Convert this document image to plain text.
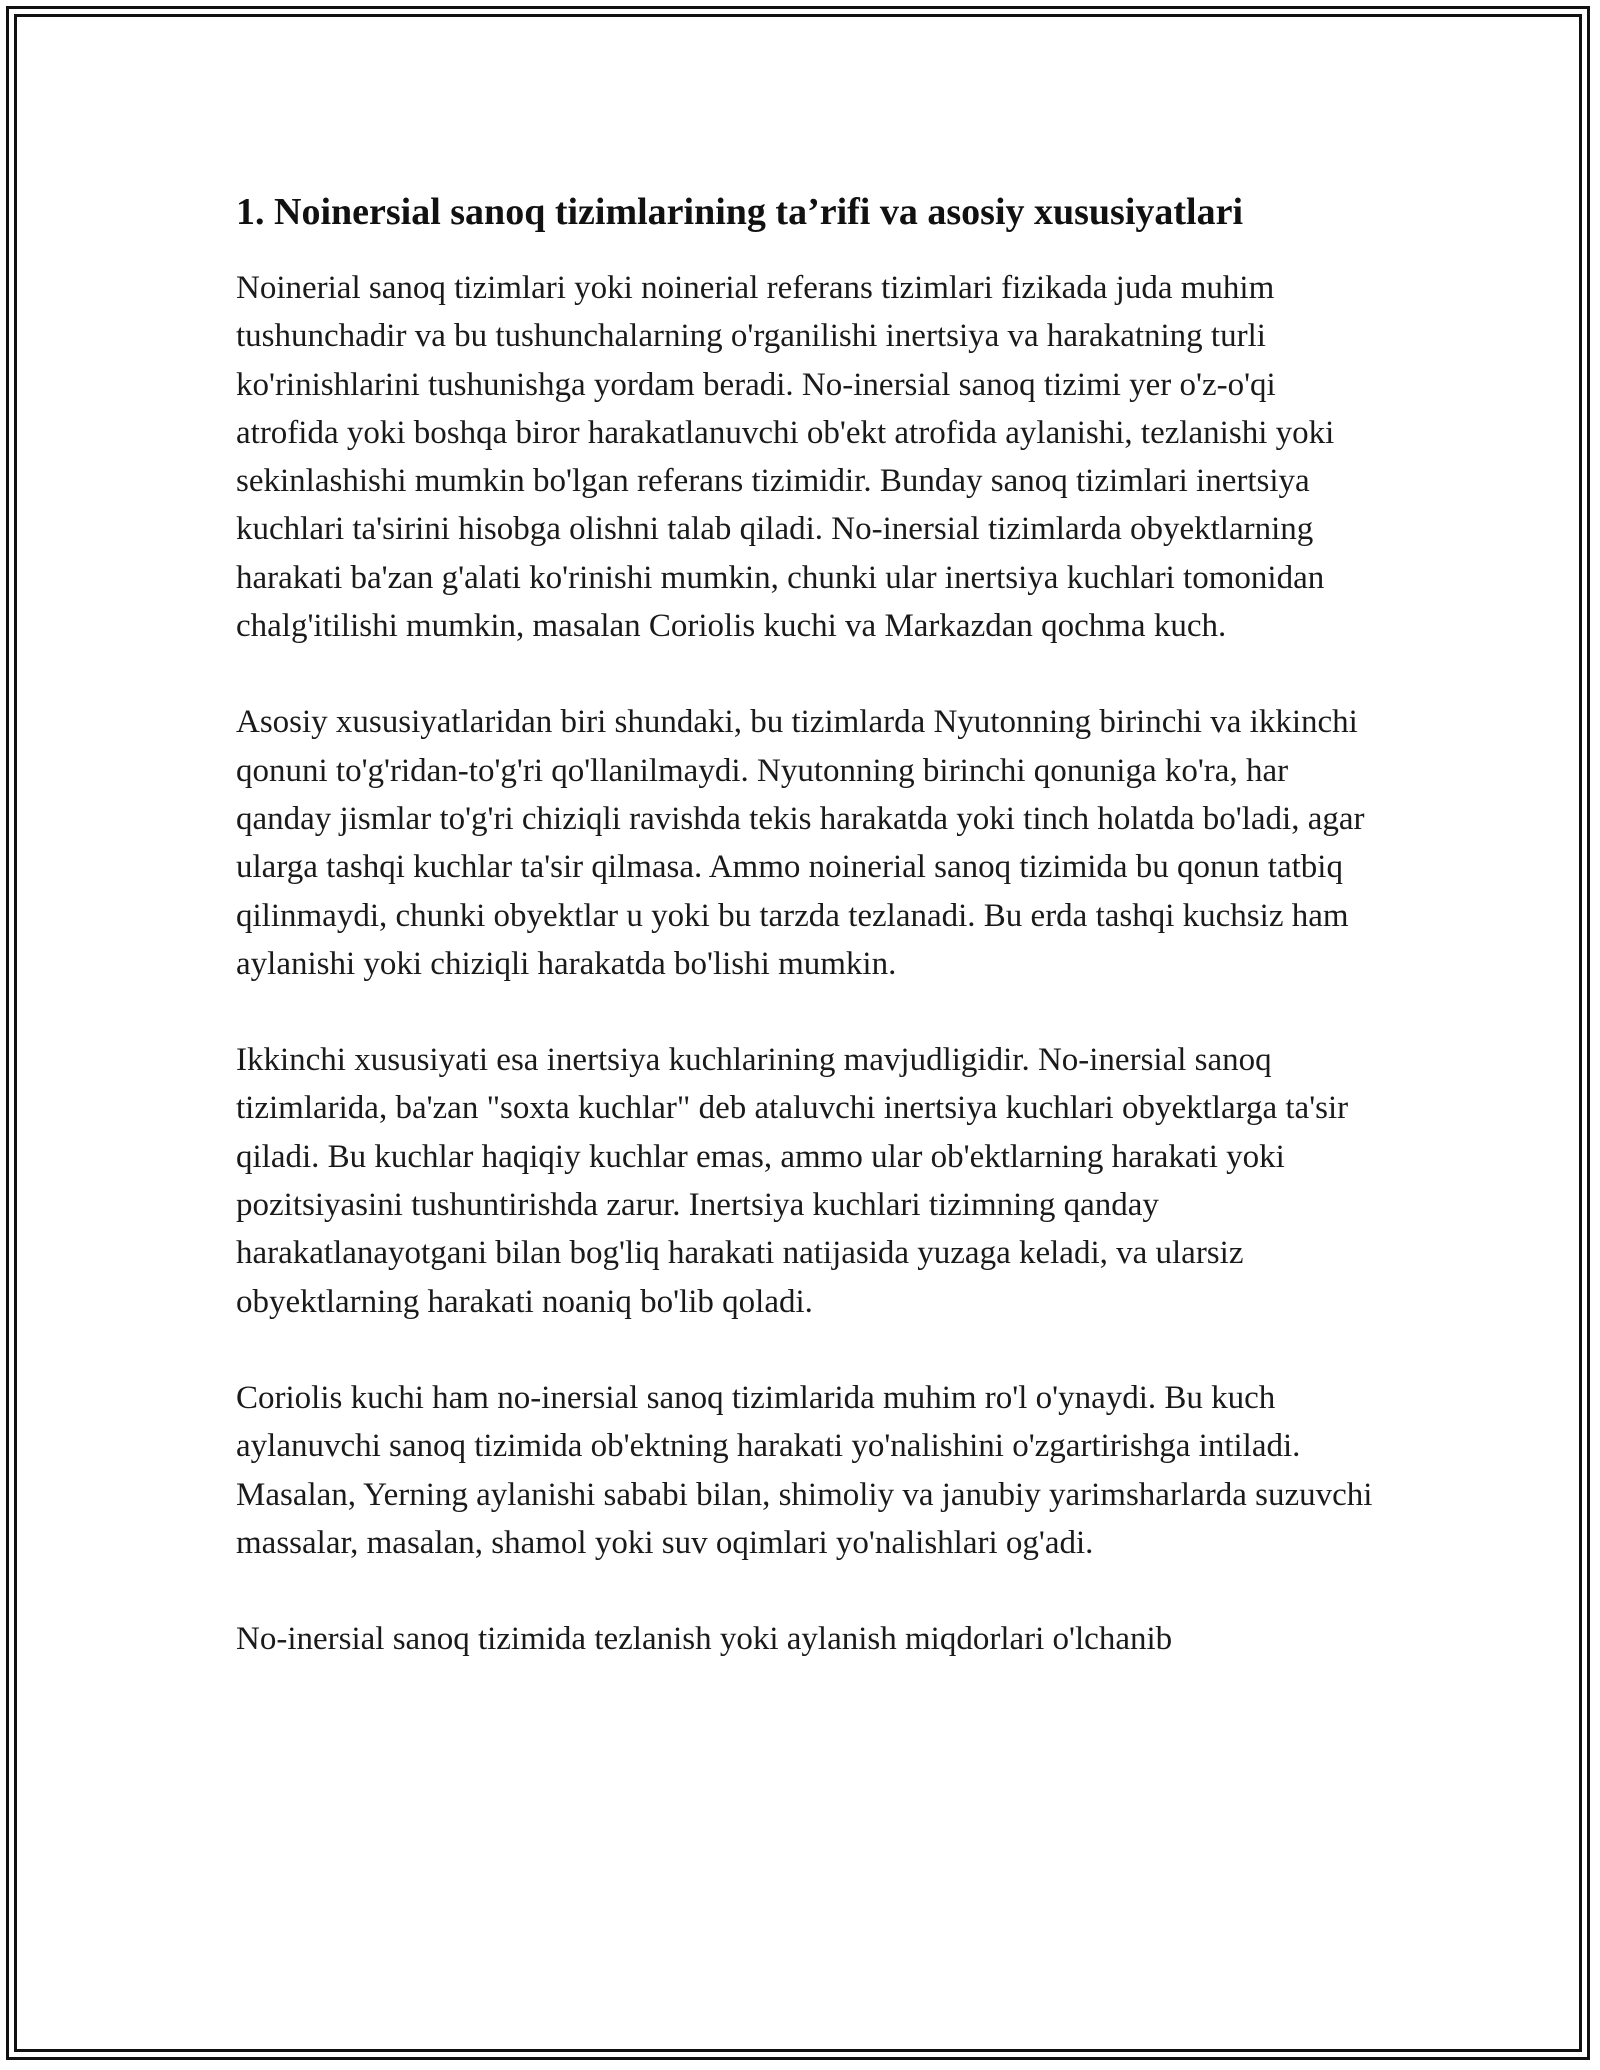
1. Noinersial sanoq tizimlarining ta’rifi va asosiy xususiyatlari

Noinerial sanoq tizimlari yoki noinerial referans tizimlari fizikada juda muhim tushunchadir va bu tushunchalarning o'rganilishi inertsiya va harakatning turli ko'rinishlarini tushunishga yordam beradi. No-inersial sanoq tizimi yer o'z-o'qi atrofida yoki boshqa biror harakatlanuvchi ob'ekt atrofida aylanishi, tezlanishi yoki sekinlashishi mumkin bo'lgan referans tizimidir. Bunday sanoq tizimlari inertsiya kuchlari ta'sirini hisobga olishni talab qiladi. No-inersial tizimlarda obyektlarning harakati ba'zan g'alati ko'rinishi mumkin, chunki ular inertsiya kuchlari tomonidan chalg'itilishi mumkin, masalan Coriolis kuchi va Markazdan qochma kuch.

Asosiy xususiyatlaridan biri shundaki, bu tizimlarda Nyutonning birinchi va ikkinchi qonuni to'g'ridan-to'g'ri qo'llanilmaydi. Nyutonning birinchi qonuniga ko'ra, har qanday jismlar to'g'ri chiziqli ravishda tekis harakatda yoki tinch holatda bo'ladi, agar ularga tashqi kuchlar ta'sir qilmasa. Ammo noinerial sanoq tizimida bu qonun tatbiq qilinmaydi, chunki obyektlar u yoki bu tarzda tezlanadi. Bu erda tashqi kuchsiz ham aylanishi yoki chiziqli harakatda bo'lishi mumkin.

Ikkinchi xususiyati esa inertsiya kuchlarining mavjudligidir. No-inersial sanoq tizimlarida, ba'zan "soxta kuchlar" deb ataluvchi inertsiya kuchlari obyektlarga ta'sir qiladi. Bu kuchlar haqiqiy kuchlar emas, ammo ular ob'ektlarning harakati yoki pozitsiyasini tushuntirishda zarur. Inertsiya kuchlari tizimning qanday harakatlanayotgani bilan bog'liq harakati natijasida yuzaga keladi, va ularsiz obyektlarning harakati noaniq bo'lib qoladi.

Coriolis kuchi ham no-inersial sanoq tizimlarida muhim ro'l o'ynaydi. Bu kuch aylanuvchi sanoq tizimida ob'ektning harakati yo'nalishini o'zgartirishga intiladi. Masalan, Yerning aylanishi sababi bilan, shimoliy va janubiy yarimsharlarda suzuvchi massalar, masalan, shamol yoki suv oqimlari yo'nalishlari og'adi.

No-inersial sanoq tizimida tezlanish yoki aylanish miqdorlari o'lchanib
